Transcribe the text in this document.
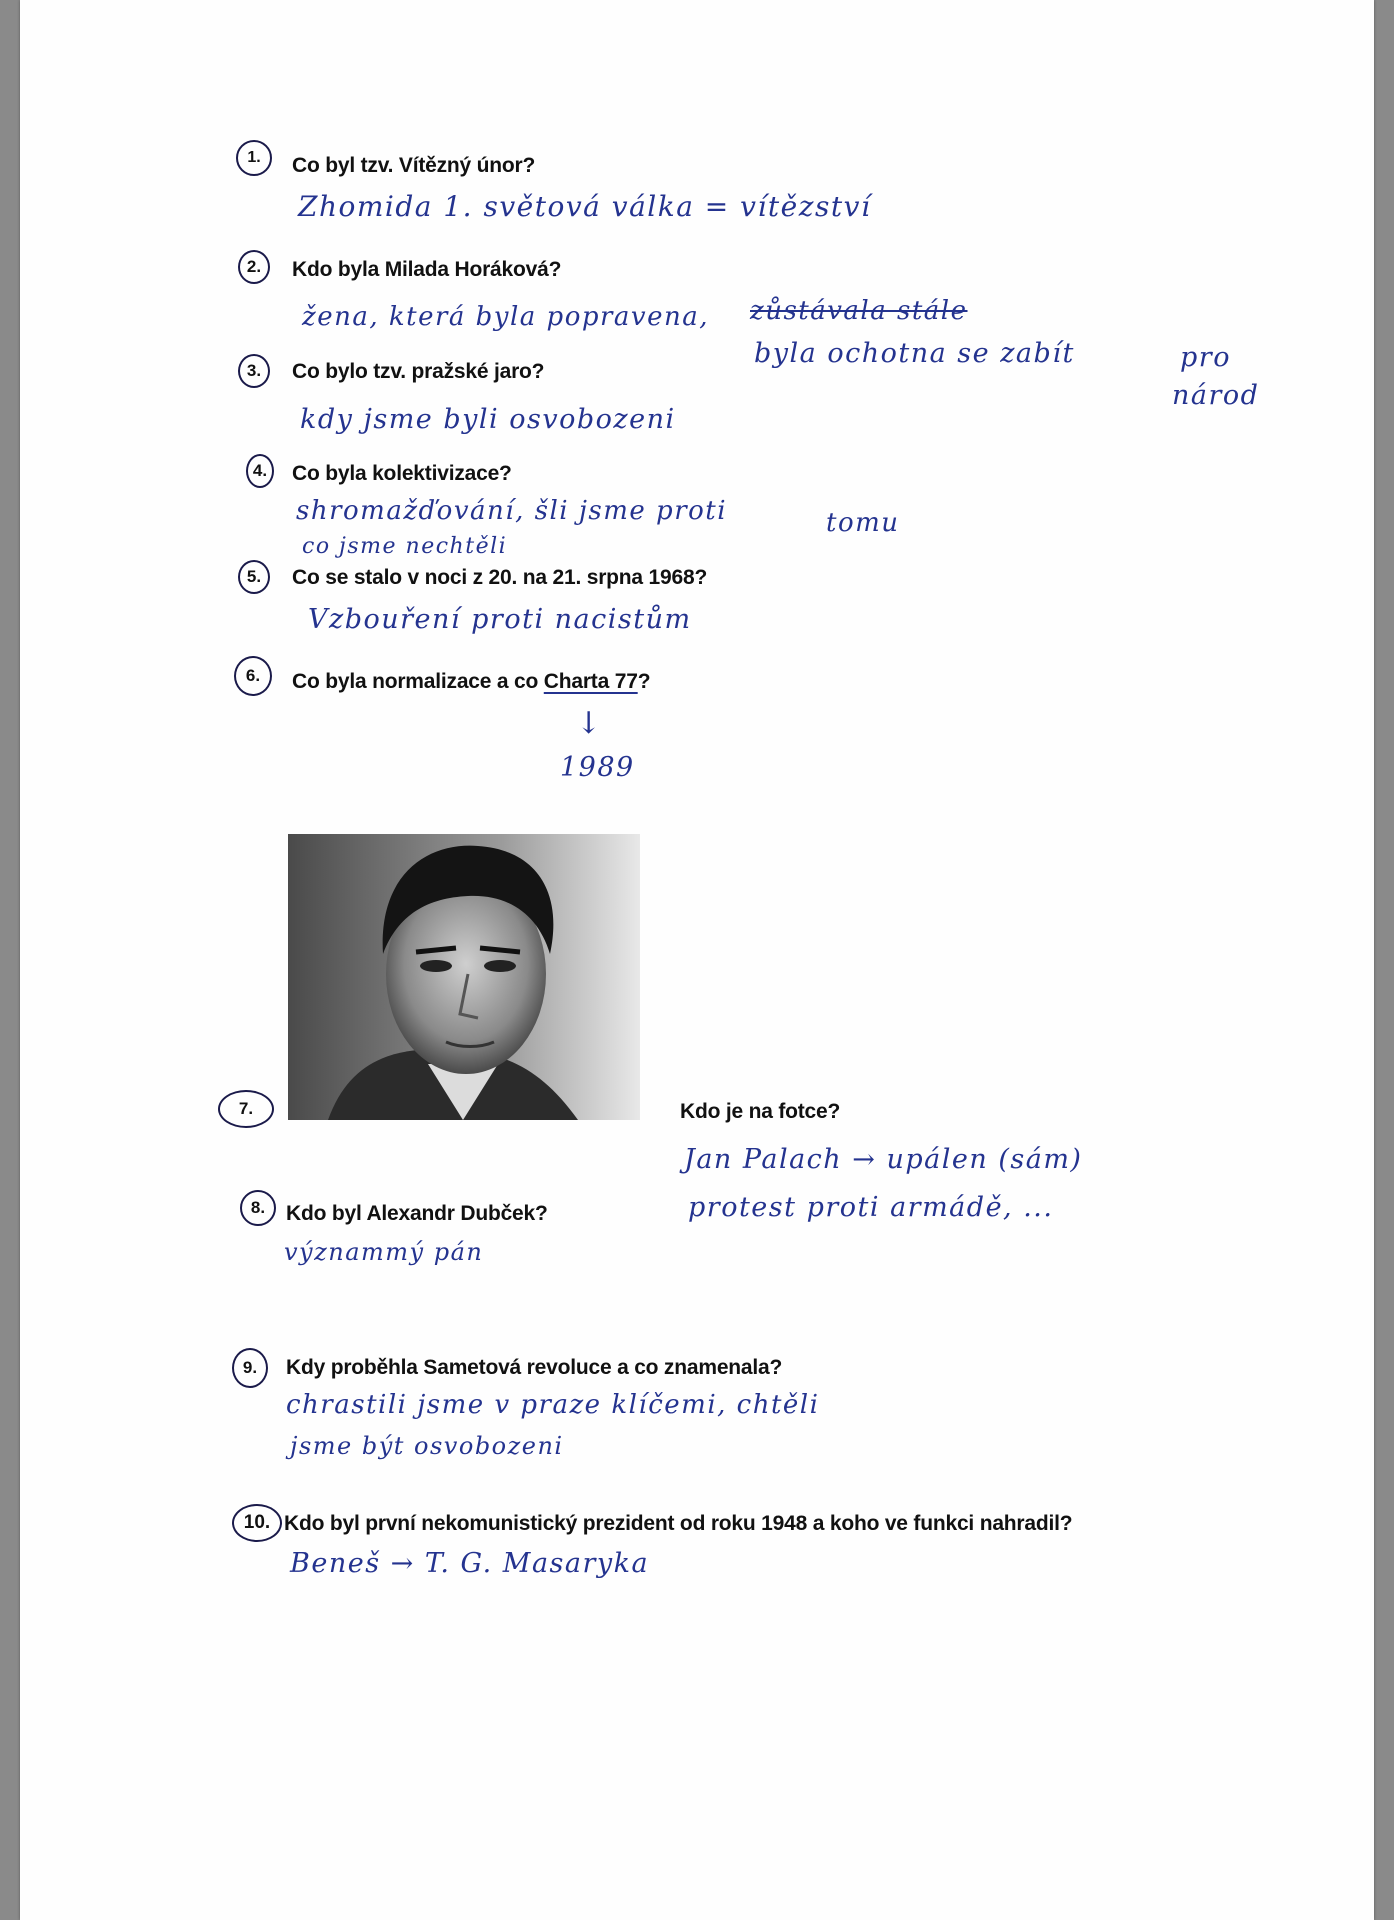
1.	Co byl tzv. Vítězný únor?
Zhomida 1. světová válka = vítězství
2.	Kdo byla Milada Horáková?
žena, která byla popravena, zůstávala stále
byla ochotna se zabít	pro
národ
3.	Co bylo tzv. pražské jaro?
kdy jsme byli osvobozeni
4.	Co byla kolektivizace?
shromažďování, šli jsme proti	tomu
co jsme nechtěli
5.	Co se stalo v noci z 20. na 21. srpna 1968?
Vzbouření proti nacistům
6.	Co byla normalizace a co Charta 77?
↓
1989
7.	Kdo je na fotce?
Jan Palach → upálen (sám)
protest proti armádě, ...
8. Kdo byl Alexandr Dubček?
význammý pán
9.	Kdy proběhla Sametová revoluce a co znamenala?
chrastili jsme v praze klíčemi, chtěli
jsme být osvobozeni
10. Kdo byl první nekomunistický prezident od roku 1948 a koho ve funkci nahradil?
Beneš → T. G. Masaryka
